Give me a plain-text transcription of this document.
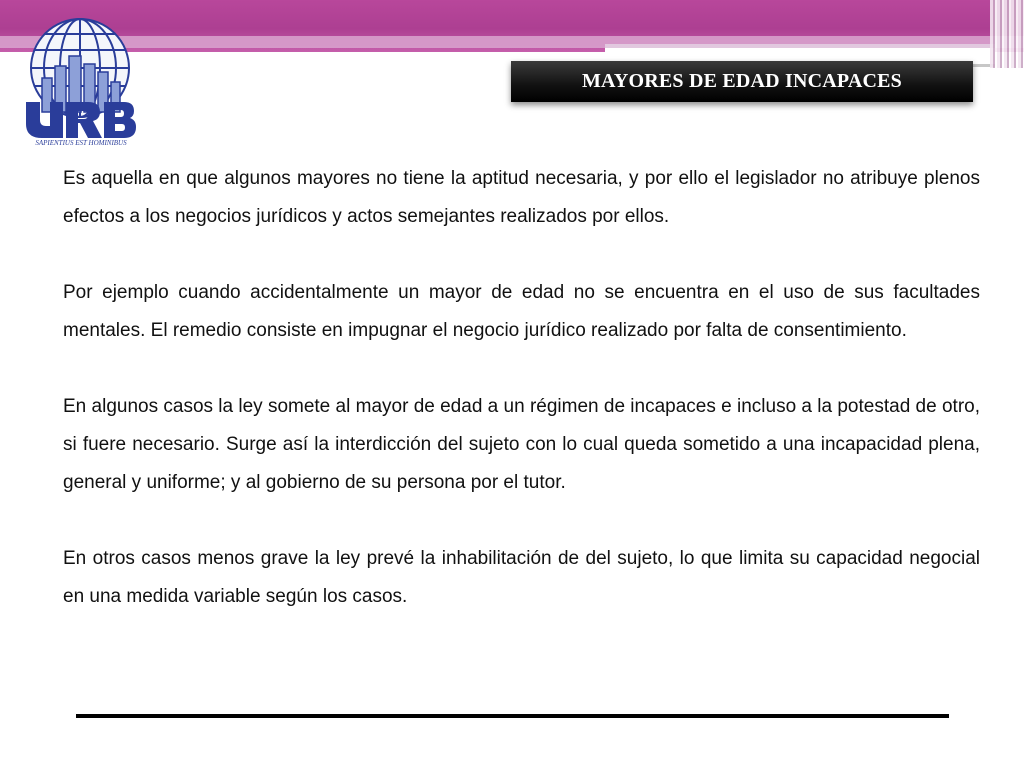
SAPIENTIUS EST HOMINIBUS
MAYORES DE EDAD INCAPACES

Es aquella en que algunos mayores no tiene la aptitud necesaria, y por ello el legislador no atribuye plenos efectos a los negocios jurídicos y actos semejantes realizados por ellos.

Por ejemplo cuando accidentalmente un mayor de edad no se encuentra en el uso de sus facultades mentales. El remedio consiste en impugnar el negocio jurídico realizado por falta de consentimiento.

En algunos casos la ley somete al mayor de edad a un régimen de incapaces e incluso a la potestad de otro, si fuere necesario. Surge así la interdicción del sujeto con lo cual queda sometido a una incapacidad plena, general y uniforme; y al gobierno de su persona por el tutor.

En otros casos menos grave la ley prevé la inhabilitación de del sujeto, lo que limita su capacidad negocial en una medida variable según los casos.
